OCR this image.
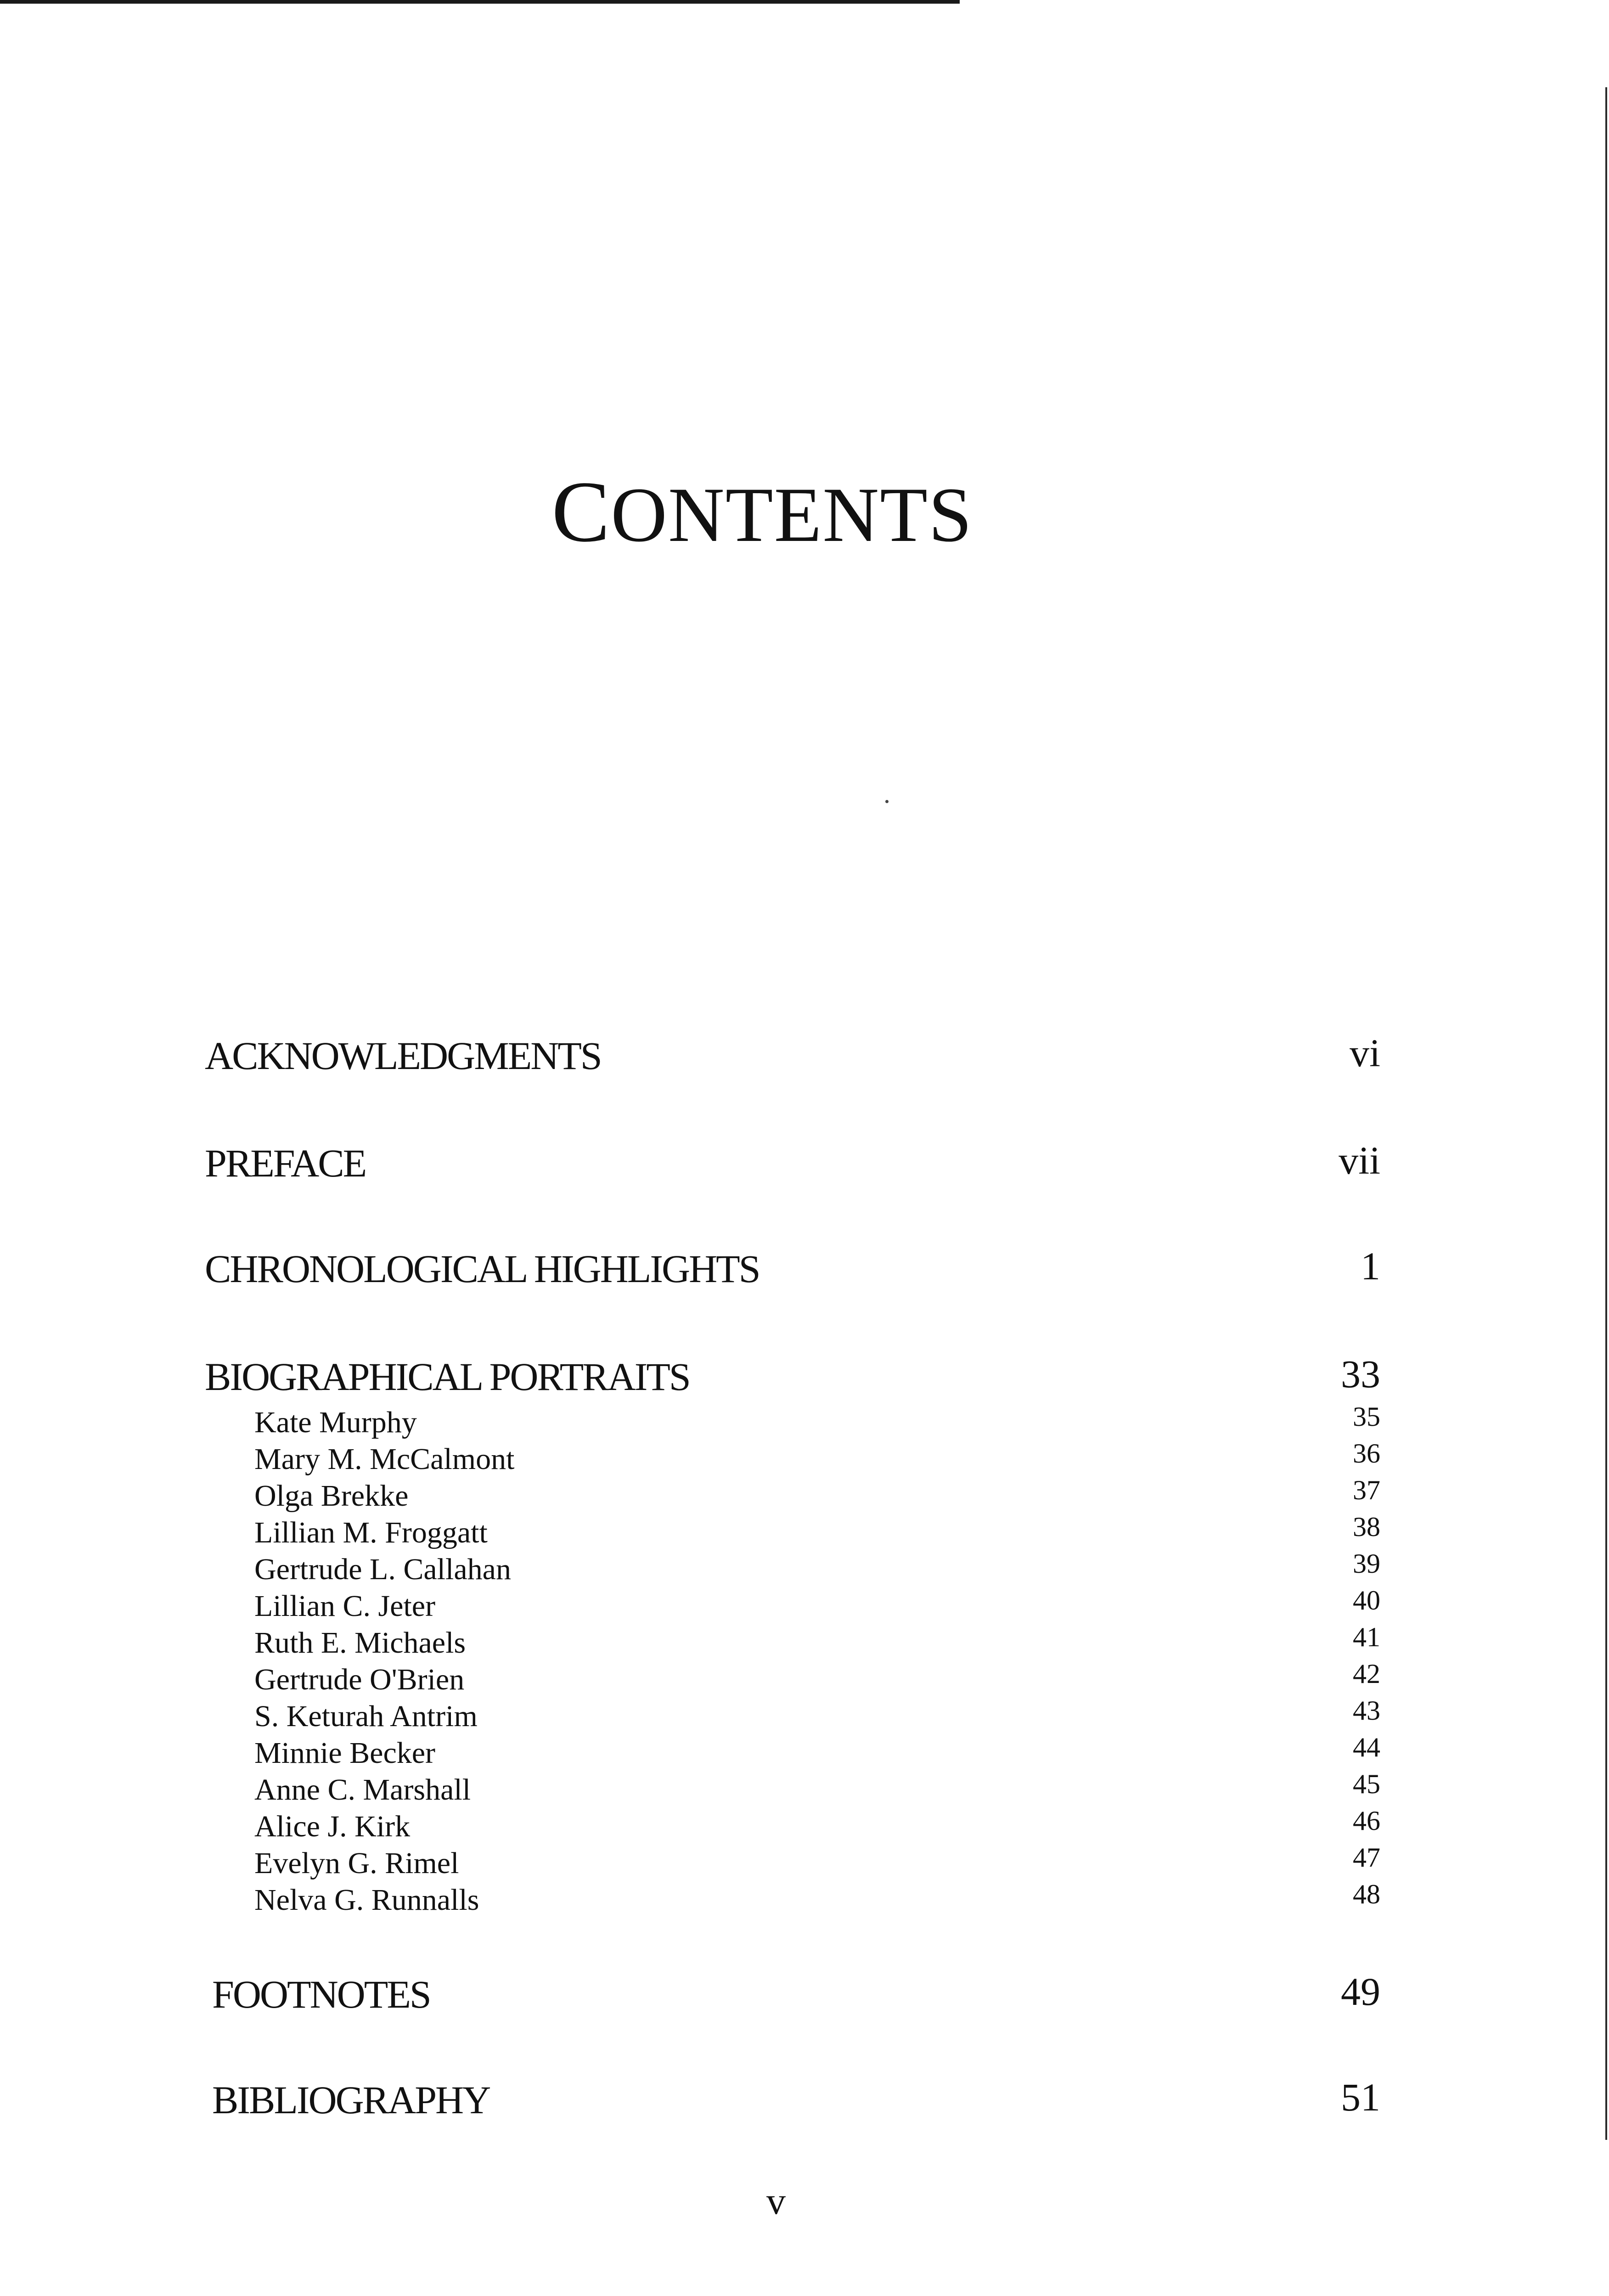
CONTENTS
ACKNOWLEDGMENTS	vi
PREFACE	vii
CHRONOLOGICAL HIGHLIGHTS	1
BIOGRAPHICAL PORTRAITS	33
Kate Murphy	35
Mary M. McCalmont	36
Olga Brekke	37
Lillian M. Froggatt	38
Gertrude L. Callahan	39
Lillian C. Jeter	40
Ruth E. Michaels	41
Gertrude O'Brien	42
S. Keturah Antrim	43
Minnie Becker	44
Anne C. Marshall	45
Alice J. Kirk	46
Evelyn G. Rimel	47
Nelva G. Runnalls	48
FOOTNOTES	49
BIBLIOGRAPHY	51
v
